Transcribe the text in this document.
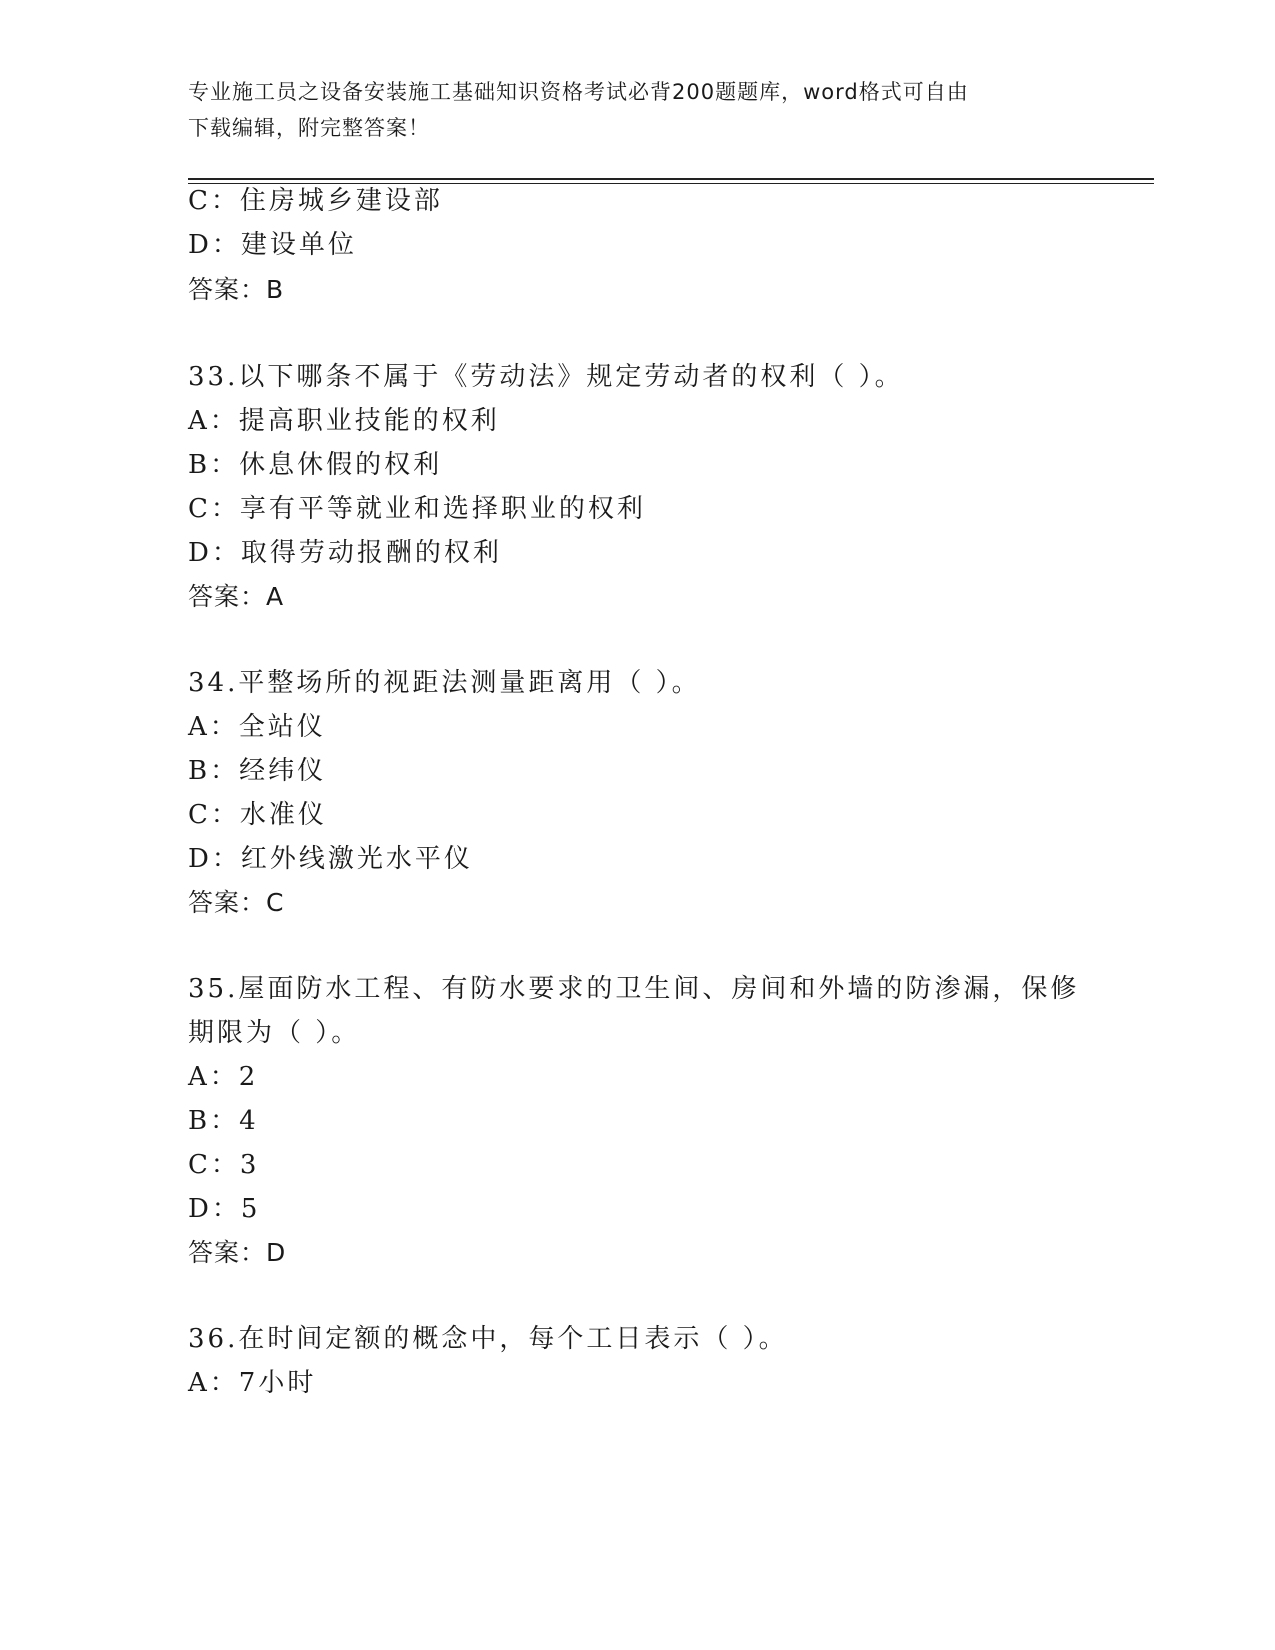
专业施工员之设备安装施工基础知识资格考试必背200题题库，word格式可自由
下载编辑，附完整答案！
C：住房城乡建设部
D：建设单位
答案：B
33.以下哪条不属于《劳动法》规定劳动者的权利（ ）。
A：提高职业技能的权利
B：休息休假的权利
C：享有平等就业和选择职业的权利
D：取得劳动报酬的权利
答案：A
34.平整场所的视距法测量距离用（ ）。
A：全站仪
B：经纬仪
C：水准仪
D：红外线激光水平仪
答案：C
35.屋面防水工程、有防水要求的卫生间、房间和外墙的防渗漏，保修
期限为（ ）。
A：2
B：4
C：3
D：5
答案：D
36.在时间定额的概念中，每个工日表示（ ）。
A：7小时
